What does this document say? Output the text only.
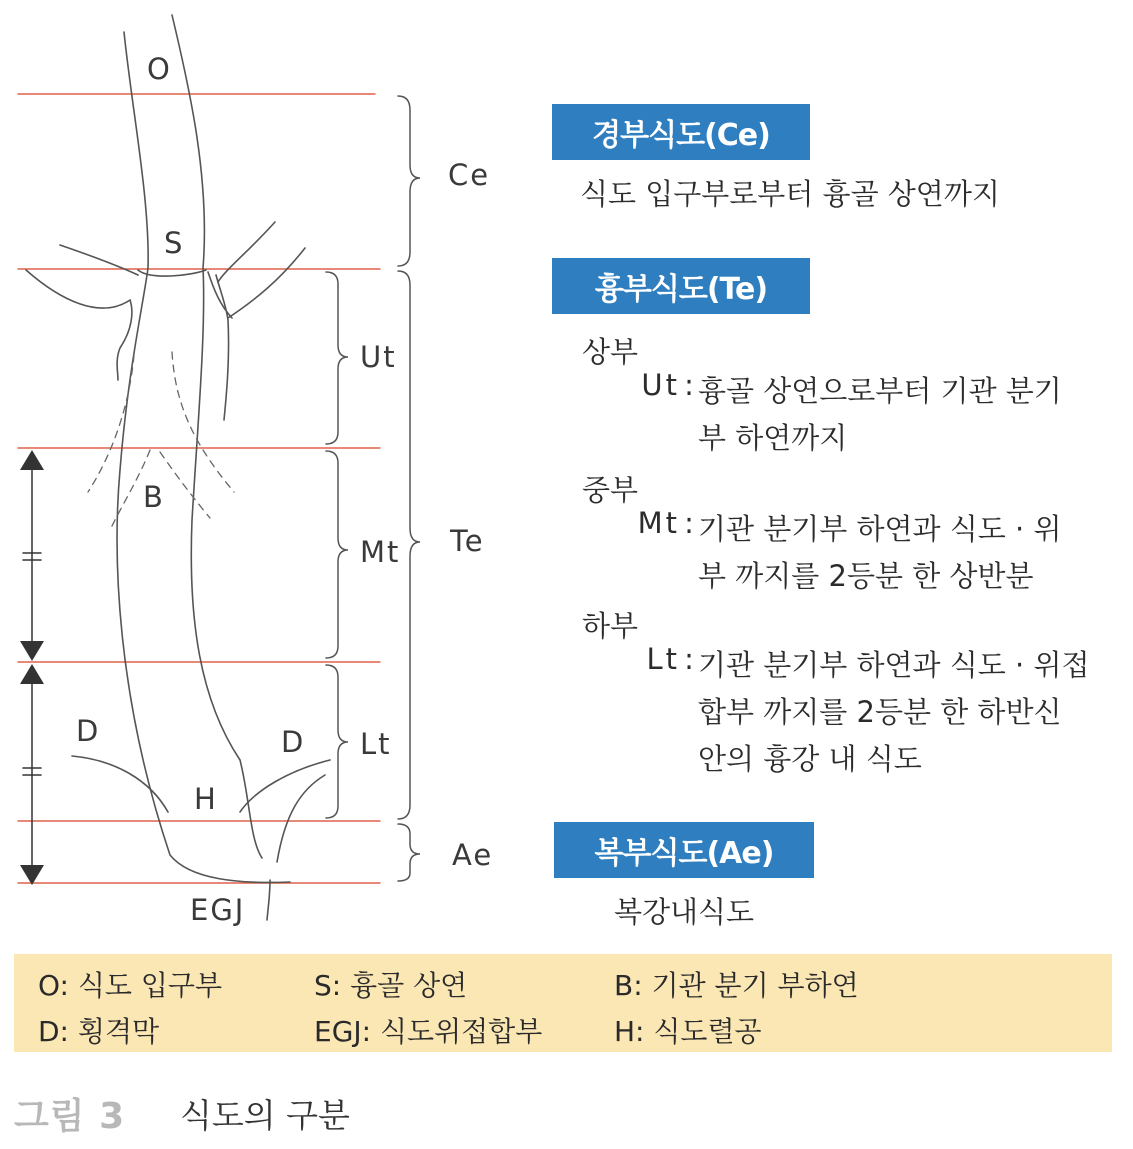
O
S
B
D	D
H
EGJ
Ce
Ut
Mt Te
Lt
Ae
경부식도(Ce)
식도 입구부로부터 흉골 상연까지
흉부식도(Te)
상부
Ut : 흉골 상연으로부터 기관 분기
부 하연까지
중부
Mt : 기관 분기부 하연과 식도 · 위
부 까지를 2등분 한 상반분
하부
Lt : 기관 분기부 하연과 식도 · 위접
합부 까지를 2등분 한 하반신
안의 흉강 내 식도
복부식도(Ae)
복강내식도
O: 식도 입구부	S: 흉골 상연	B: 기관 분기 부하연
D: 횡격막	EGJ: 식도위접합부	H: 식도렬공
그림 3 식도의 구분
